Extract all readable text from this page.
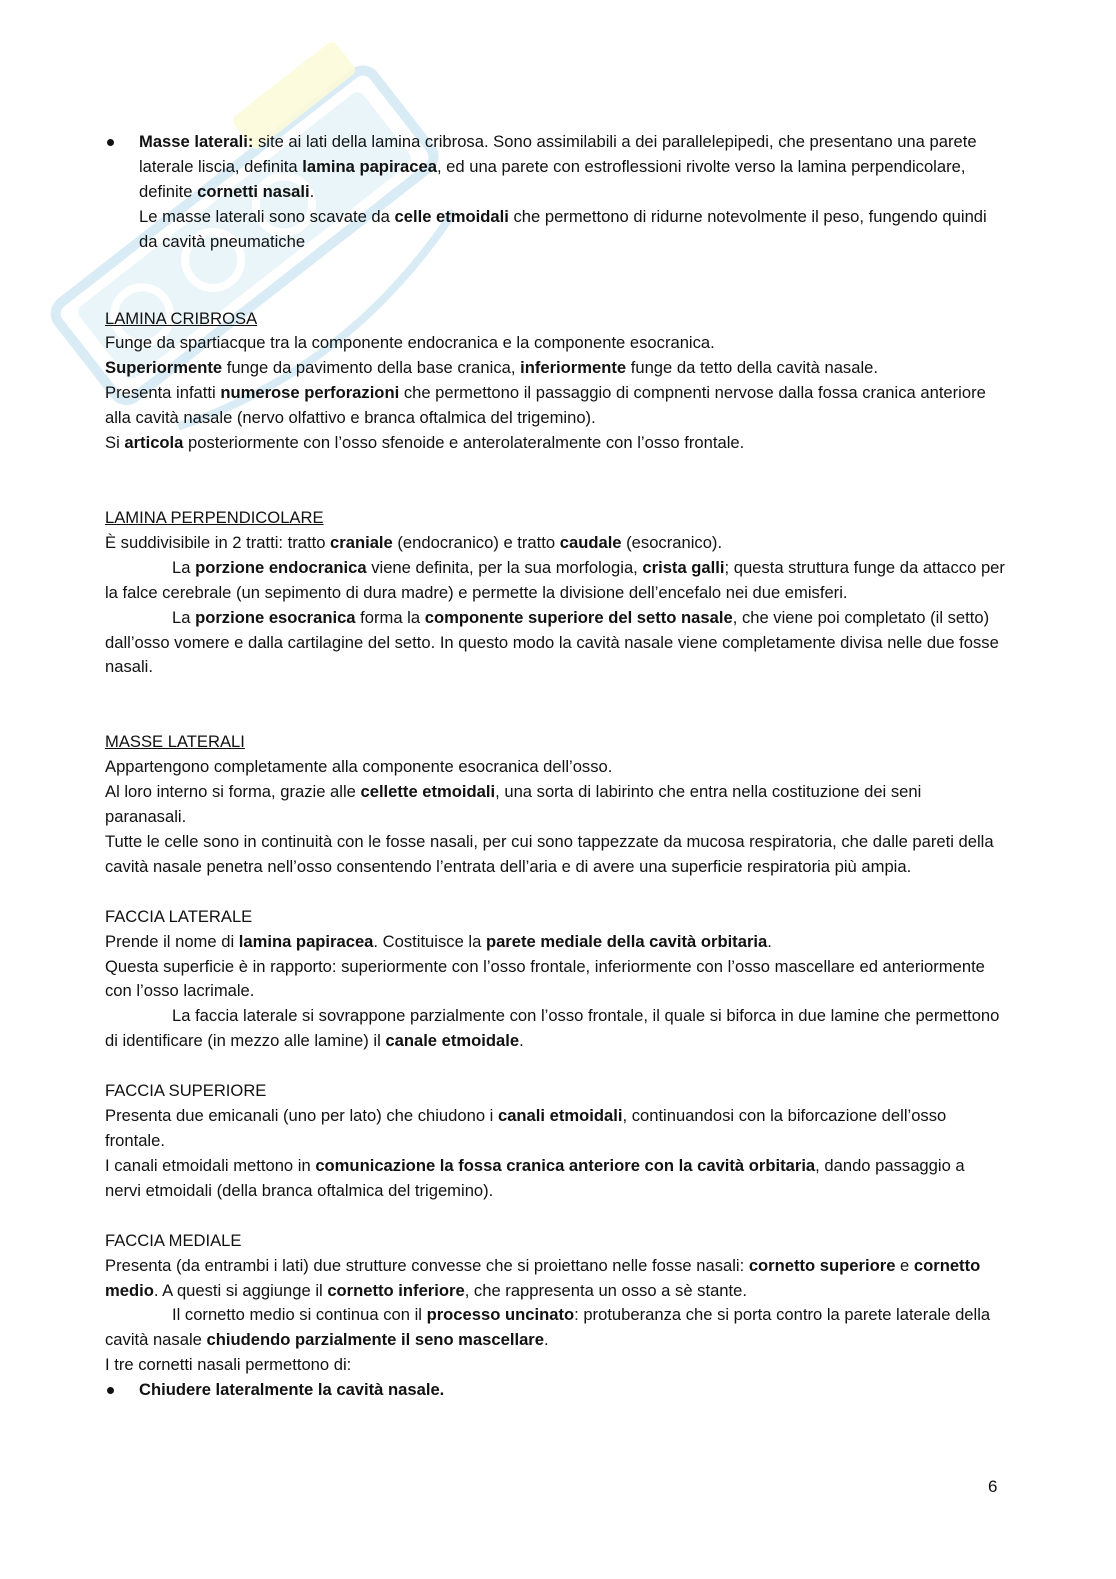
Masse laterali: site ai lati della lamina cribrosa. Sono assimilabili a dei parallelepipedi, che presentano una parete laterale liscia, definita lamina papiracea, ed una parete con estroflessioni rivolte verso la lamina perpendicolare, definite cornetti nasali.

Le masse laterali sono scavate da celle etmoidali che permettono di ridurne notevolmente il peso, fungendo quindi da cavità pneumatiche

LAMINA CRIBROSA

Funge da spartiacque tra la componente endocranica e la componente esocranica.

Superiormente funge da pavimento della base cranica, inferiormente funge da tetto della cavità nasale.

Presenta infatti numerose perforazioni che permettono il passaggio di compnenti nervose dalla fossa cranica anteriore alla cavità nasale (nervo olfattivo e branca oftalmica del trigemino).

Si articola posteriormente con l’osso sfenoide e anterolateralmente con l’osso frontale.

LAMINA PERPENDICOLARE

È suddivisibile in 2 tratti: tratto craniale (endocranico) e tratto caudale (esocranico).

La porzione endocranica viene definita, per la sua morfologia, crista galli; questa struttura funge da attacco per la falce cerebrale (un sepimento di dura madre) e permette la divisione dell’encefalo nei due emisferi.

La porzione esocranica forma la componente superiore del setto nasale, che viene poi completato (il setto) dall’osso vomere e dalla cartilagine del setto. In questo modo la cavità nasale viene completamente divisa nelle due fosse nasali.

MASSE LATERALI

Appartengono completamente alla componente esocranica dell’osso.

Al loro interno si forma, grazie alle cellette etmoidali, una sorta di labirinto che entra nella costituzione dei seni paranasali.

Tutte le celle sono in continuità con le fosse nasali, per cui sono tappezzate da mucosa respiratoria, che dalle pareti della cavità nasale penetra nell’osso consentendo l’entrata dell’aria e di avere una superficie respiratoria più ampia.

FACCIA LATERALE

Prende il nome di lamina papiracea. Costituisce la parete mediale della cavità orbitaria.

Questa superficie è in rapporto: superiormente con l’osso frontale, inferiormente con l’osso mascellare ed anteriormente con l’osso lacrimale.

La faccia laterale si sovrappone parzialmente con l’osso frontale, il quale si biforca in due lamine che permettono di identificare (in mezzo alle lamine) il canale etmoidale.

FACCIA SUPERIORE

Presenta due emicanali (uno per lato) che chiudono i canali etmoidali, continuandosi con la biforcazione dell’osso frontale.

I canali etmoidali mettono in comunicazione la fossa cranica anteriore con la cavità orbitaria, dando passaggio a nervi etmoidali (della branca oftalmica del trigemino).

FACCIA MEDIALE

Presenta (da entrambi i lati) due strutture convesse che si proiettano nelle fosse nasali: cornetto superiore e cornetto medio. A questi si aggiunge il cornetto inferiore, che rappresenta un osso a sè stante.

Il cornetto medio si continua con il processo uncinato: protuberanza che si porta contro la parete laterale della cavità nasale chiudendo parzialmente il seno mascellare.

I tre cornetti nasali permettono di:

Chiudere lateralmente la cavità nasale.
6
